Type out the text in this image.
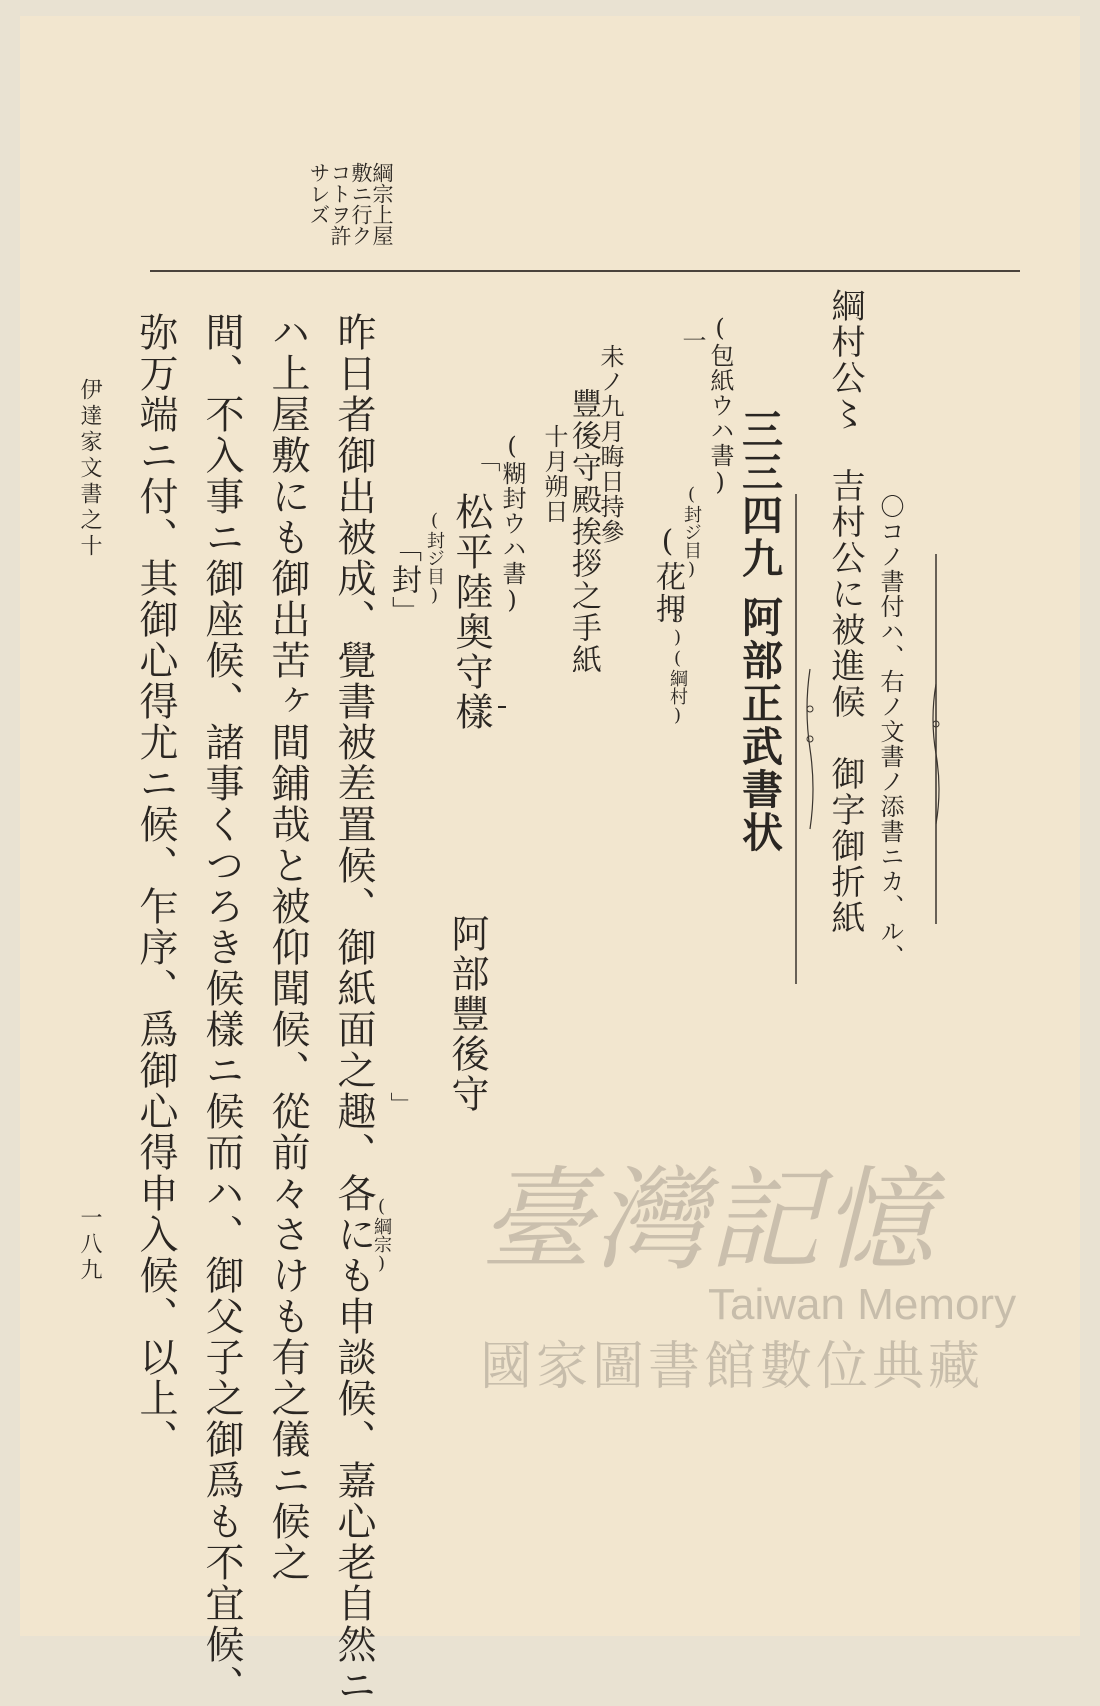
綱宗上屋
敷ニ行ク
コトヲ許
サレズ
綱村公〻　吉村公に被進候　御字御折紙 〇コノ書付ハ、右ノ文書ノ添書ニカ、ル、
三三四九
阿部正武書状
(包紙ウハ書)
一
(封ジ目)
(花押
3)(綱村)
未ノ九月晦日持參
豐後守殿挨拶之手紙
十月朔日
(糊封ウハ書)
「
松平陸奥守樣
(封ジ目)
「封」
阿部豐後守
」
昨日者御出被成、覺書被差置候、御紙面之趣、各にも申談候、嘉心老自然ニ
ハ上屋敷にも御出苦ヶ間鋪哉と被仰聞候、從前々さけも有之儀ニ候之
間、不入事ニ御座候、諸事くつろき候樣ニ候而ハ、御父子之御爲も不宜候、
弥万端ニ付、其御心得尤ニ候、乍序、爲御心得申入候、以上、	(綱宗)
伊達家文書之十
一八九	臺灣記憶
Taiwan Memory
國家圖書館數位典藏
